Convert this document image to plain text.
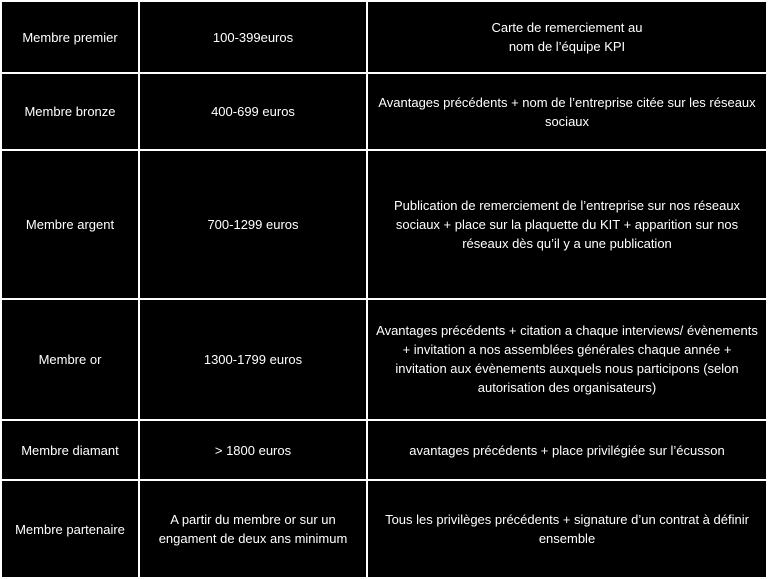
Membre premier	100-399euros	Carte de remerciement au nom de l’équipe KPI
Membre bronze	400-699 euros	Avantages précédents + nom de l’entreprise citée sur les réseaux sociaux
Membre argent	700-1299 euros	Publication de remerciement de l’entreprise sur nos réseaux sociaux + place sur la plaquette du KIT + apparition sur nos réseaux dès qu’il y a une publication
Membre or	1300-1799 euros	Avantages précédents + citation a chaque interviews/ évènements + invitation a nos assemblées générales chaque année + invitation aux évènements auxquels nous participons (selon autorisation des organisateurs)
Membre diamant	> 1800 euros	avantages précédents + place privilégiée sur l’écusson
Membre partenaire	A partir du membre or sur un engament de deux ans minimum	Tous les privilèges précédents + signature d’un contrat à définir ensemble
